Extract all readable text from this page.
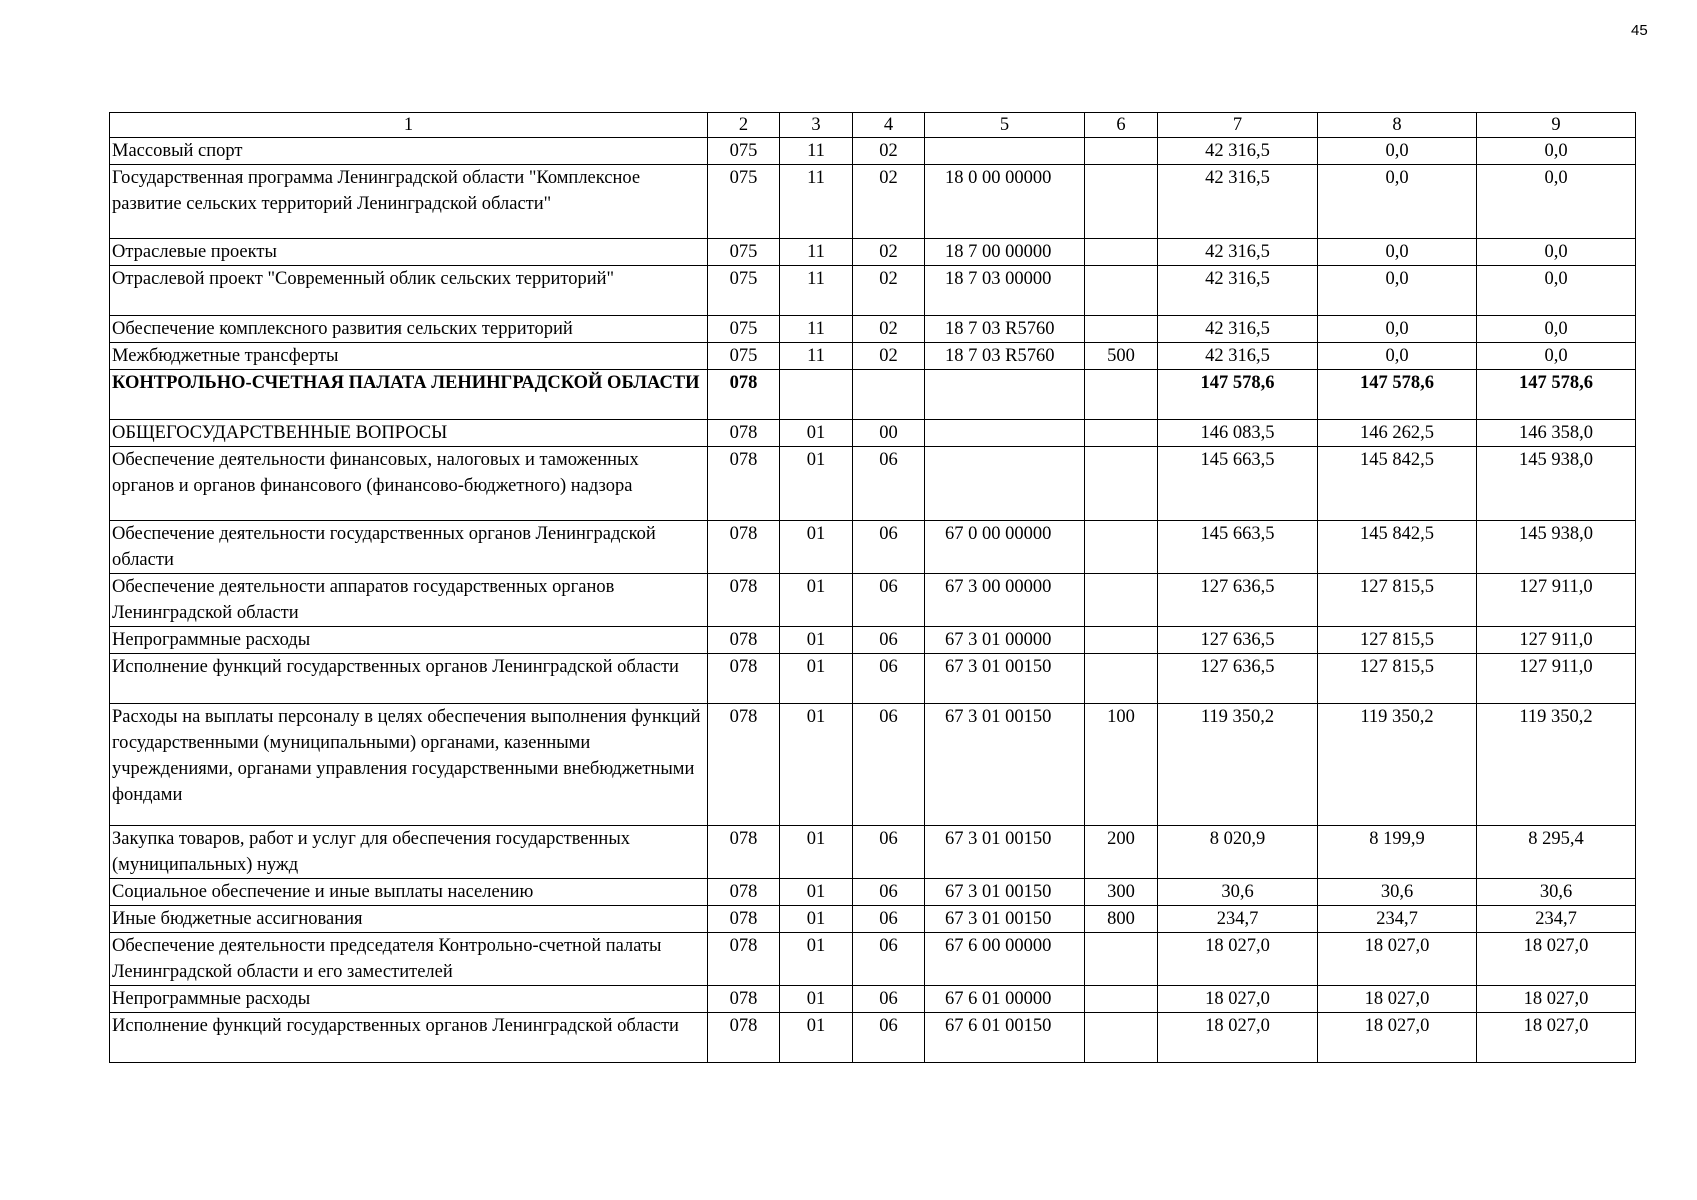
45
1	2	3	4	5	6	7	8	9
Массовый спорт	075	11	02			42 316,5	0,0	0,0
Государственная программа Ленинградской области "Комплексное развитие сельских территорий Ленинградской области"	075	11	02	18 0 00 00000		42 316,5	0,0	0,0
Отраслевые проекты	075	11	02	18 7 00 00000		42 316,5	0,0	0,0
Отраслевой проект "Современный облик сельских территорий"	075	11	02	18 7 03 00000		42 316,5	0,0	0,0
Обеспечение комплексного развития сельских территорий	075	11	02	18 7 03 R5760		42 316,5	0,0	0,0
Межбюджетные трансферты	075	11	02	18 7 03 R5760	500	42 316,5	0,0	0,0
КОНТРОЛЬНО-СЧЕТНАЯ ПАЛАТА ЛЕНИНГРАДСКОЙ ОБЛАСТИ	078					147 578,6	147 578,6	147 578,6
ОБЩЕГОСУДАРСТВЕННЫЕ ВОПРОСЫ	078	01	00			146 083,5	146 262,5	146 358,0
Обеспечение деятельности финансовых, налоговых и таможенных органов и органов финансового (финансово-бюджетного) надзора	078	01	06			145 663,5	145 842,5	145 938,0
Обеспечение деятельности государственных органов Ленинградской области	078	01	06	67 0 00 00000		145 663,5	145 842,5	145 938,0
Обеспечение деятельности аппаратов государственных органов Ленинградской области	078	01	06	67 3 00 00000		127 636,5	127 815,5	127 911,0
Непрограммные расходы	078	01	06	67 3 01 00000		127 636,5	127 815,5	127 911,0
Исполнение функций государственных органов Ленинградской области	078	01	06	67 3 01 00150		127 636,5	127 815,5	127 911,0
Расходы на выплаты персоналу в целях обеспечения выполнения функций государственными (муниципальными) органами, казенными учреждениями, органами управления государственными внебюджетными фондами	078	01	06	67 3 01 00150	100	119 350,2	119 350,2	119 350,2
Закупка товаров, работ и услуг для обеспечения государственных (муниципальных) нужд	078	01	06	67 3 01 00150	200	8 020,9	8 199,9	8 295,4
Социальное обеспечение и иные выплаты населению	078	01	06	67 3 01 00150	300	30,6	30,6	30,6
Иные бюджетные ассигнования	078	01	06	67 3 01 00150	800	234,7	234,7	234,7
Обеспечение деятельности председателя Контрольно-счетной палаты Ленинградской области и его заместителей	078	01	06	67 6 00 00000		18 027,0	18 027,0	18 027,0
Непрограммные расходы	078	01	06	67 6 01 00000		18 027,0	18 027,0	18 027,0
Исполнение функций государственных органов Ленинградской области	078	01	06	67 6 01 00150		18 027,0	18 027,0	18 027,0
